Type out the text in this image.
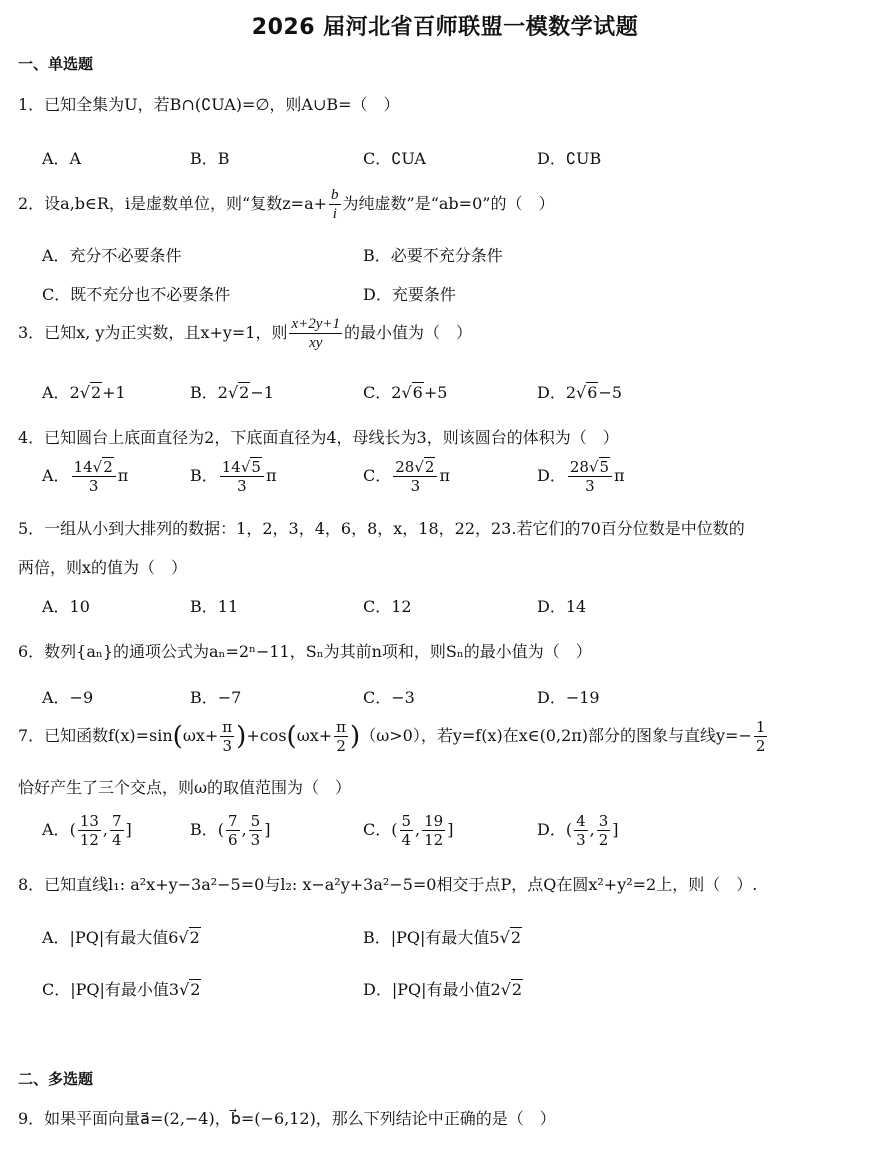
2026 届河北省百师联盟一模数学试题
一、单选题
1．已知全集为U，若B∩(∁UA)=∅，则A∪B=（　）
A．A	B．B	C．∁UA	D．∁UB
2．设a,b∈R，i是虚数单位，则“复数$z=a+ \frac{b}{i}$ 为纯虚数”是“ab=0”的（　）
A．充分不必要条件	B．必要不充分条件
C．既不充分也不必要条件	D．充要条件
3．已知x, y为正实数，且x+y=1，则 $\frac{x+2y+1}{xy}$ 的最小值为（　）
A．2√2+1	B．2√2−1	C．2√6+5	D．2√6−5
4．已知圆台上底面直径为2，下底面直径为4，母线长为3，则该圆台的体积为（　）
A． $\frac{14√2}{3}$ π	B． $\frac{14√5}{3}$ π	C． $\frac{28√2}{3}$ π	D． $\frac{28√5}{3}$ π
5．一组从小到大排列的数据：1，2，3，4，6，8，x，18，22，23.若它们的70百分位数是中位数的
两倍，则x的值为（　）
A．10	B．11	C．12	D．14
6．数列{aₙ}的通项公式为aₙ=2ⁿ−11，Sₙ为其前n项和，则Sₙ的最小值为（　）
A．−9	B．−7	C．−3	D．−19
7．已知函数$f(x)=\sin(\omega x+ \frac{\pi}{3} )+\cos(\omega x+ \frac{\pi}{2} )(\omega>0)$，若y=f(x)在x∈(0,2π)部分的图象与直线$y=- \frac{1}{2}$
恰好产生了三个交点，则ω的取值范围为（　）
A．( $\frac{13}{12}$ , $\frac{7}{4}$ ]	B．( $\frac{7}{6}$ , $\frac{5}{3}$ ]	C．( $\frac{5}{4}$ , $\frac{19}{12}$ ]	D．( $\frac{4}{3}$ , $\frac{3}{2}$ ]
8．已知直线l₁: a²x+y−3a²−5=0与l₂: x−a²y+3a²−5=0相交于点P，点Q在圆x²+y²=2上，则（　）.
A．|PQ|有最大值6√2	B．|PQ|有最大值5√2
C．|PQ|有最小值3√2	D．|PQ|有最小值2√2
二、多选题
9．如果平面向量a⃗=(2,−4)，b⃗=(−6,12)，那么下列结论中正确的是（　）
